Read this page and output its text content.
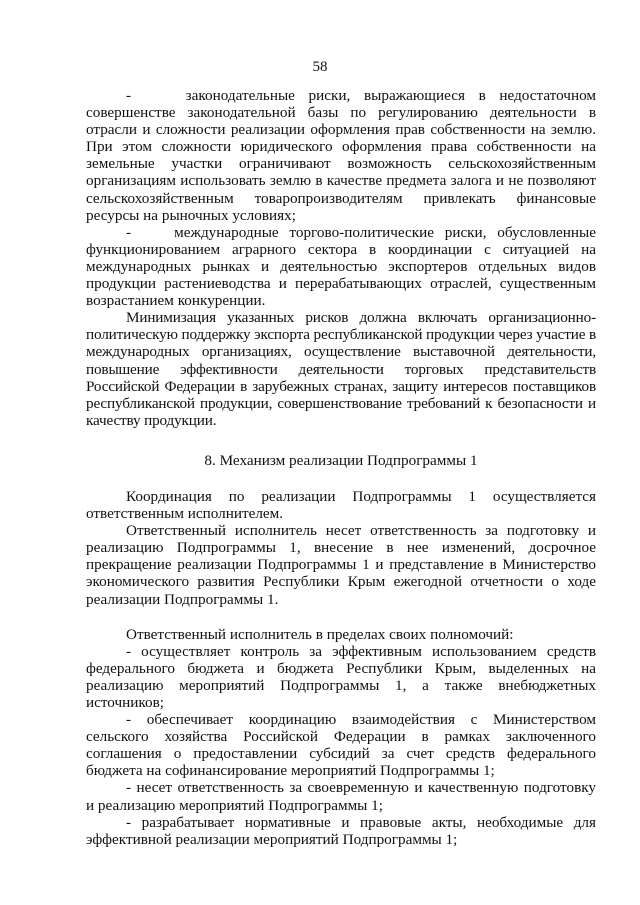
58

-    законодательные риски, выражающиеся в недостаточном совершенстве законодательной базы по регулированию деятельности в отрасли и сложности реализации оформления прав собственности на землю. При этом сложности юридического оформления права собственности на земельные участки ограничивают возможность сельскохозяйственным организациям использовать землю в качестве предмета залога и не позволяют сельскохозяйственным товаропроизводителям привлекать финансовые ресурсы на рыночных условиях;

-    международные торгово-политические риски, обусловленные функционированием аграрного сектора в координации с ситуацией на международных рынках и деятельностью экспортеров отдельных видов продукции растениеводства и перерабатывающих отраслей, существенным возрастанием конкуренции.

Минимизация указанных рисков должна включать организационно-политическую поддержку экспорта республиканской продукции через участие в международных организациях, осуществление выставочной деятельности, повышение эффективности деятельности торговых представительств Российской Федерации в зарубежных странах, защиту интересов поставщиков республиканской продукции, совершенствование требований к безопасности и качеству продукции.

8. Механизм реализации Подпрограммы 1

Координация по реализации Подпрограммы 1 осуществляется ответственным исполнителем.

Ответственный исполнитель несет ответственность за подготовку и реализацию Подпрограммы 1, внесение в нее изменений, досрочное прекращение реализации Подпрограммы 1 и представление в Министерство экономического развития Республики Крым ежегодной отчетности о ходе реализации Подпрограммы 1.

Ответственный исполнитель в пределах своих полномочий:

- осуществляет контроль за эффективным использованием средств федерального бюджета и бюджета Республики Крым, выделенных на реализацию мероприятий Подпрограммы 1, а также внебюджетных источников;

- обеспечивает координацию взаимодействия с Министерством сельского хозяйства Российской Федерации в рамках заключенного соглашения о предоставлении субсидий за счет средств федерального бюджета на софинансирование мероприятий Подпрограммы 1;

- несет ответственность за своевременную и качественную подготовку и реализацию мероприятий Подпрограммы 1;

- разрабатывает нормативные и правовые акты, необходимые для эффективной реализации мероприятий Подпрограммы 1;
